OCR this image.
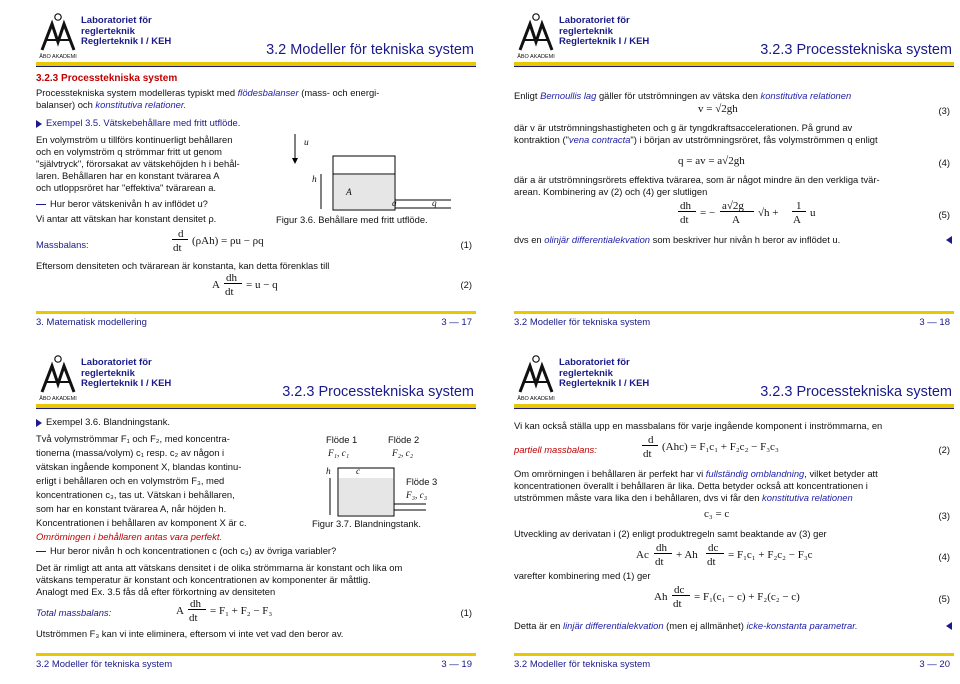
ÅBO AKADEMI
Laboratoriet för
reglerteknik
Reglerteknik I / KEH
3.2 Modeller för tekniska system
3.2.3 Processtekniska system
Processtekniska system modelleras typiskt med flödesbalanser (mass- och energi-
balanser) och konstitutiva relationer.
Exempel 3.5. Vätskebehållare med fritt utflöde.
En volymström u tillförs kontinuerligt behållaren
och en volymström q strömmar fritt ut genom
"självtryck", förorsakat av vätskehöjden h i behål-
laren. Behållaren har en konstant tvärarea A
och utloppsröret har "effektiva" tvärarean a.
Hur beror vätskenivån h av inflödet u?
Vi antar att vätskan har konstant densitet ρ.
u
h
A
a	q
Figur 3.6. Behållare med fritt utflöde.
Massbalans:
d
dt
(ρAh) = ρu − ρq	(1)
Eftersom densiteten och tvärarean är konstanta, kan detta förenklas till
A
dh
dt
= u − q	(2)
3. Matematisk modellering	3 — 17
ÅBO AKADEMI
Laboratoriet för
reglerteknik
Reglerteknik I / KEH
3.2.3 Processtekniska system
Enligt Bernoullis lag gäller för utströmningen av vätska den konstitutiva relationen
v = √2gh	(3)
där v är utströmningshastigheten och g är tyngdkraftsaccelerationen. På grund av
kontraktion ("vena contracta") i början av utströmningsröret, fås volymströmmen q enligt
q = av = a√2gh	(4)
där a är utströmningsrörets effektiva tvärarea, som är något mindre än den verkliga tvär-
arean. Kombinering av (2) och (4) ger slutligen
dh
dt
= −
a√2g
A
√h +
1
A
u	(5)
dvs en olinjär differentialekvation som beskriver hur nivån h beror av inflödet u.
3.2 Modeller för tekniska system	3 — 18
ÅBO AKADEMI
Laboratoriet för
reglerteknik
Reglerteknik I / KEH
3.2.3 Processtekniska system
Exempel 3.6. Blandningstank.
Två volymströmmar F₁ och F₂, med koncentra-
tionerna (massa/volym) c₁ resp. c₂ av någon i
vätskan ingående komponent X, blandas kontinu-
erligt i behållaren och en volymström F₃, med
koncentrationen c₃, tas ut. Vätskan i behållaren,
som har en konstant tvärarea A, når höjden h.
Koncentrationen i behållaren av komponent X är c.
Omrörningen i behållaren antas vara perfekt.
Hur beror nivån h och koncentrationen c (och c₃) av övriga variabler?
Flöde 1	Flöde 2
F₁, c₁	F₂, c₂
h	c
Flöde 3
F₃, c₃
Figur 3.7. Blandningstank.
Det är rimligt att anta att vätskans densitet i de olika strömmarna är konstant och lika om
vätskans temperatur är konstant och koncentrationen av komponenter är måttlig.
Analogt med Ex. 3.5 fås då efter förkortning av densiteten
Total massbalans:	A
dh
dt
= F₁ + F₂ − F₃	(1)
Utströmmen F₃ kan vi inte eliminera, eftersom vi inte vet vad den beror av.
3.2 Modeller för tekniska system	3 — 19
ÅBO AKADEMI
Laboratoriet för
reglerteknik
Reglerteknik I / KEH
3.2.3 Processtekniska system
Vi kan också ställa upp en massbalans för varje ingående komponent i inströmmarna, en
partiell massbalans:
d
dt
(Ahc) = F₁c₁ + F₂c₂ − F₃c₃	(2)
Om omrörningen i behållaren är perfekt har vi fullständig omblandning, vilket betyder att
koncentrationen överallt i behållaren är lika. Detta betyder också att koncentrationen i
utströmmen måste vara lika den i behållaren, dvs vi får den konstitutiva relationen
c₃ = c	(3)
Utveckling av derivatan i (2) enligt produktregeln samt beaktande av (3) ger
Ac
dh
dt
+ Ah
dc
dt
= F₁c₁ + F₂c₂ − F₃c	(4)
varefter kombinering med (1) ger
Ah
dc
dt
= F₁(c₁ − c) + F₂(c₂ − c)	(5)
Detta är en linjär differentialekvation (men ej allmänhet) icke-konstanta parametrar.
3.2 Modeller för tekniska system	3 — 20
